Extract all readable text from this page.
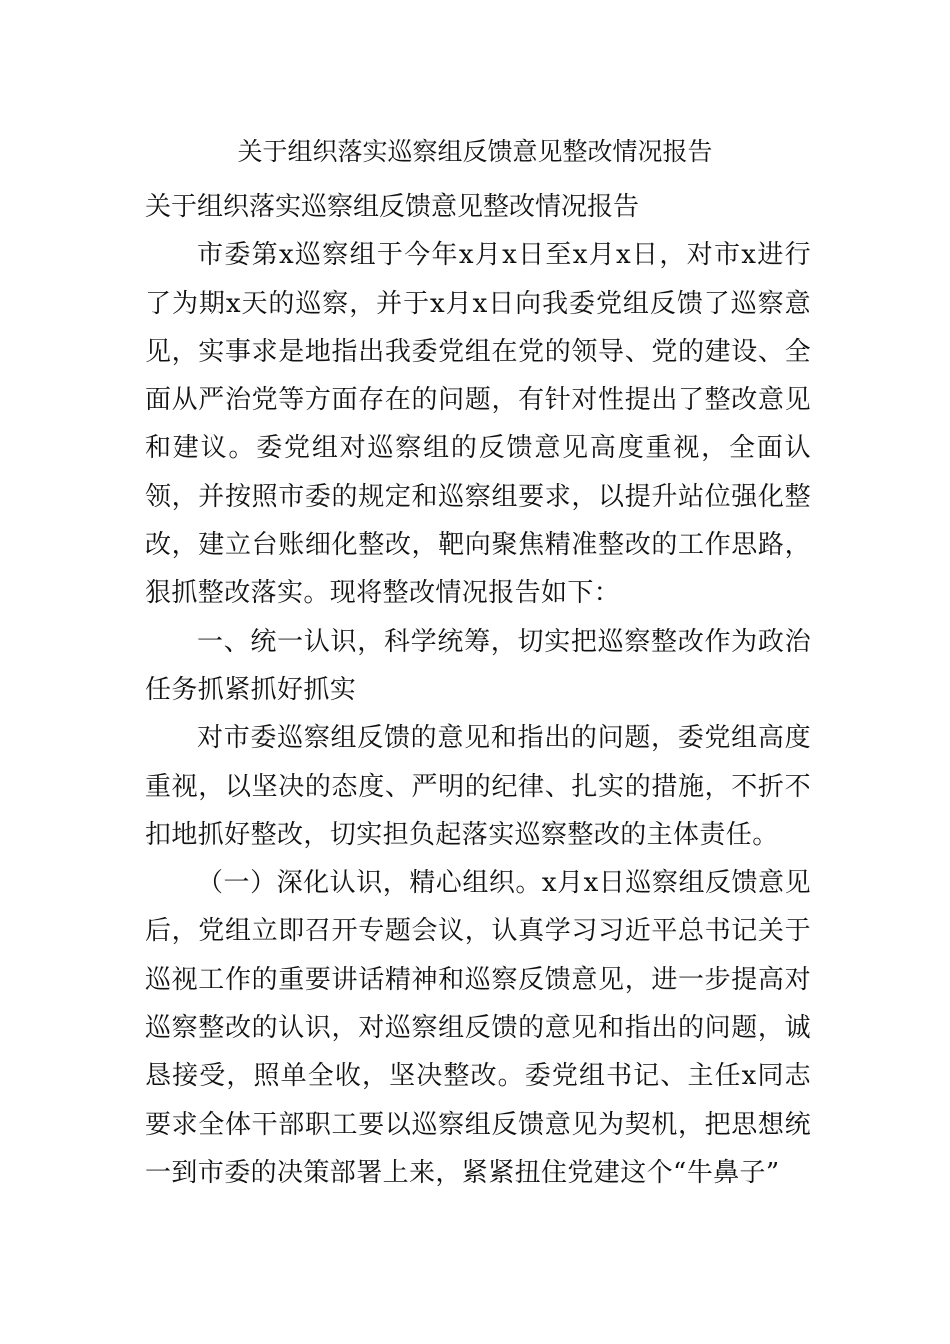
关于组织落实巡察组反馈意见整改情况报告

关于组织落实巡察组反馈意见整改情况报告

市委第x巡察组于今年x月x日至x月x日，对市x进行了为期x天的巡察，并于x月x日向我委党组反馈了巡察意见，实事求是地指出我委党组在党的领导、党的建设、全面从严治党等方面存在的问题，有针对性提出了整改意见和建议。委党组对巡察组的反馈意见高度重视，全面认领，并按照市委的规定和巡察组要求，以提升站位强化整改，建立台账细化整改，靶向聚焦精准整改的工作思路，狠抓整改落实。现将整改情况报告如下：

一、统一认识，科学统筹，切实把巡察整改作为政治任务抓紧抓好抓实

对市委巡察组反馈的意见和指出的问题，委党组高度重视，以坚决的态度、严明的纪律、扎实的措施，不折不扣地抓好整改，切实担负起落实巡察整改的主体责任。

（一）深化认识，精心组织。x月x日巡察组反馈意见后，党组立即召开专题会议，认真学习习近平总书记关于巡视工作的重要讲话精神和巡察反馈意见，进一步提高对巡察整改的认识，对巡察组反馈的意见和指出的问题，诚恳接受，照单全收，坚决整改。委党组书记、主任x同志要求全体干部职工要以巡察组反馈意见为契机，把思想统一到市委的决策部署上来，紧紧扭住党建这个“牛鼻子”
